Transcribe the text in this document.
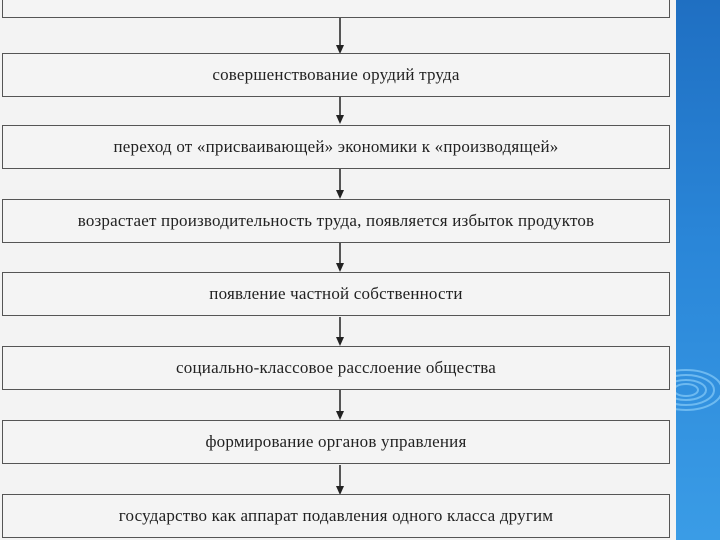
совершенствование орудий труда
переход от «присваивающей» экономики к «производящей»
возрастает производительность труда, появляется избыток продуктов
появление частной собственности
социально-классовое расслоение общества
формирование органов управления
государство как аппарат подавления одного класса другим
